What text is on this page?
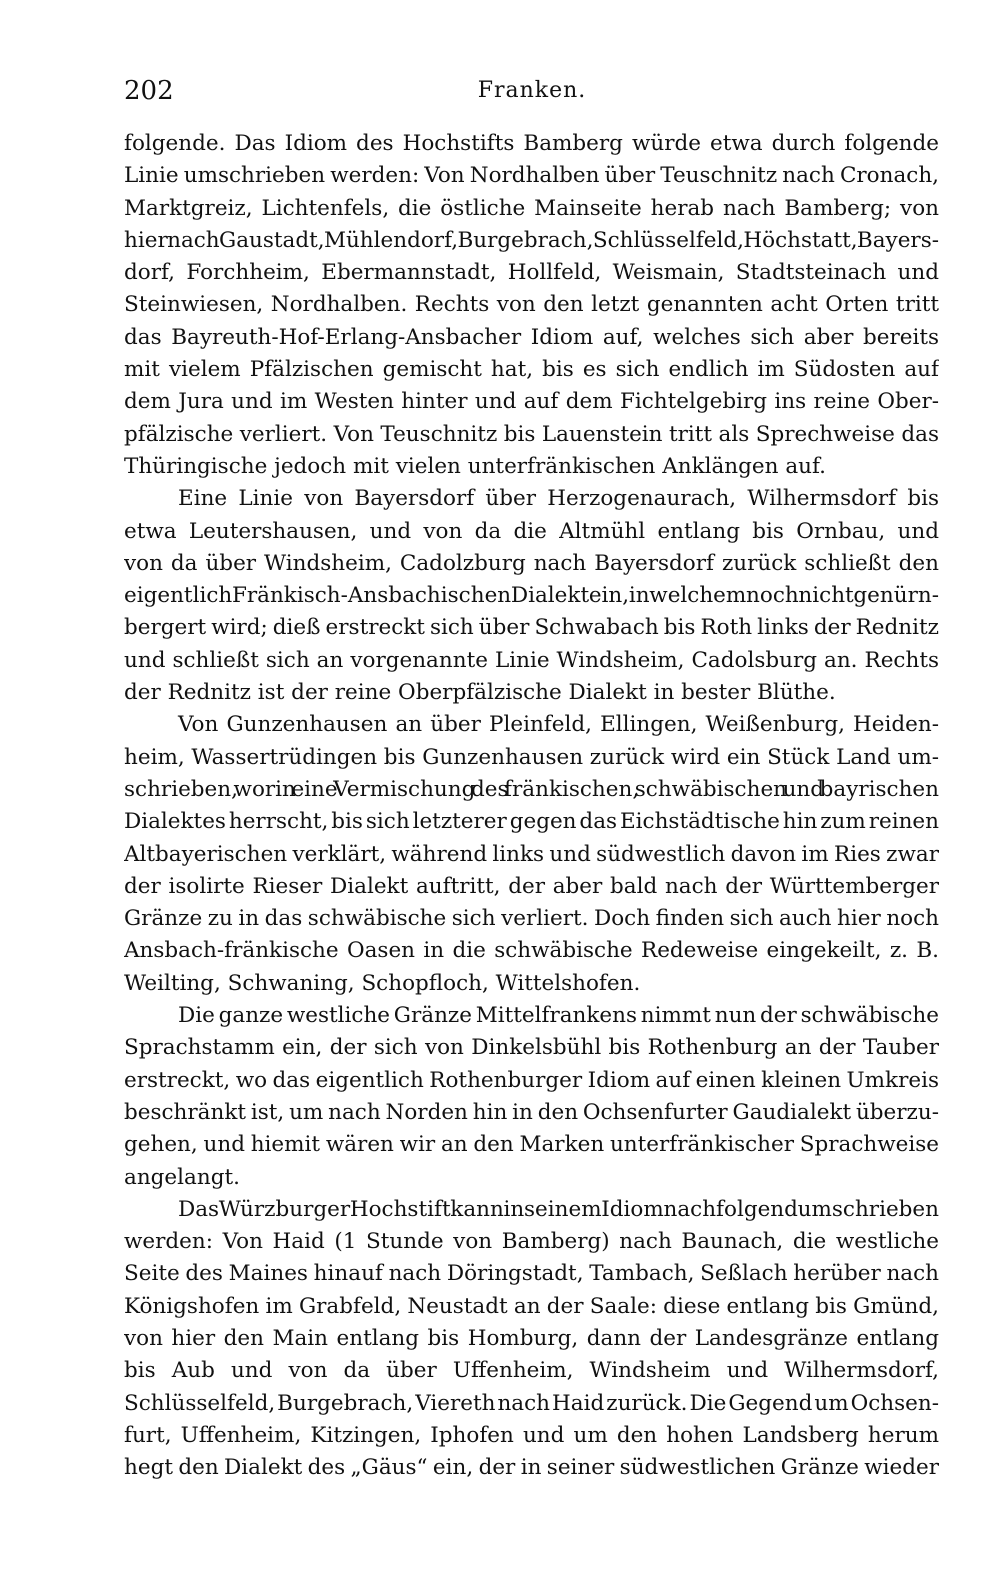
202	Franken.
folgende. Das Idiom des Hochstifts Bamberg würde etwa durch folgende
Linie umschrieben werden: Von Nordhalben über Teuschnitz nach Cronach,
Marktgreiz, Lichtenfels, die östliche Mainseite herab nach Bamberg; von
hier nach Gaustadt, Mühlendorf, Burgebrach, Schlüsselfeld, Höchstatt, Bayers-
dorf, Forchheim, Ebermannstadt, Hollfeld, Weismain, Stadtsteinach und
Steinwiesen, Nordhalben. Rechts von den letzt genannten acht Orten tritt
das Bayreuth-Hof-Erlang-Ansbacher Idiom auf, welches sich aber bereits
mit vielem Pfälzischen gemischt hat, bis es sich endlich im Südosten auf
dem Jura und im Westen hinter und auf dem Fichtelgebirg ins reine Ober-
pfälzische verliert. Von Teuschnitz bis Lauenstein tritt als Sprechweise das
Thüringische jedoch mit vielen unterfränkischen Anklängen auf.
Eine Linie von Bayersdorf über Herzogenaurach, Wilhermsdorf bis
etwa Leutershausen, und von da die Altmühl entlang bis Ornbau, und
von da über Windsheim, Cadolzburg nach Bayersdorf zurück schließt den
eigentlich Fränkisch-Ansbachischen Dialekt ein, in welchem noch nicht genürn-
bergert wird; dieß erstreckt sich über Schwabach bis Roth links der Rednitz
und schließt sich an vorgenannte Linie Windsheim, Cadolsburg an. Rechts
der Rednitz ist der reine Oberpfälzische Dialekt in bester Blüthe.
Von Gunzenhausen an über Pleinfeld, Ellingen, Weißenburg, Heiden-
heim, Wassertrüdingen bis Gunzenhausen zurück wird ein Stück Land um-
schrieben, worin eine Vermischung des fränkischen, schwäbischen und bayrischen
Dialektes herrscht, bis sich letzterer gegen das Eichstädtische hin zum reinen
Altbayerischen verklärt, während links und südwestlich davon im Ries zwar
der isolirte Rieser Dialekt auftritt, der aber bald nach der Württemberger
Gränze zu in das schwäbische sich verliert. Doch finden sich auch hier noch
Ansbach-fränkische Oasen in die schwäbische Redeweise eingekeilt, z. B.
Weilting, Schwaning, Schopfloch, Wittelshofen.
Die ganze westliche Gränze Mittelfrankens nimmt nun der schwäbische
Sprachstamm ein, der sich von Dinkelsbühl bis Rothenburg an der Tauber
erstreckt, wo das eigentlich Rothenburger Idiom auf einen kleinen Umkreis
beschränkt ist, um nach Norden hin in den Ochsenfurter Gaudialekt überzu-
gehen, und hiemit wären wir an den Marken unterfränkischer Sprachweise
angelangt.
Das Würzburger Hochstift kann in seinem Idiom nachfolgend umschrieben
werden: Von Haid (1 Stunde von Bamberg) nach Baunach, die westliche
Seite des Maines hinauf nach Döringstadt, Tambach, Seßlach herüber nach
Königshofen im Grabfeld, Neustadt an der Saale: diese entlang bis Gmünd,
von hier den Main entlang bis Homburg, dann der Landesgränze entlang
bis Aub und von da über Uffenheim, Windsheim und Wilhermsdorf,
Schlüsselfeld, Burgebrach, Viereth nach Haid zurück. Die Gegend um Ochsen-
furt, Uffenheim, Kitzingen, Iphofen und um den hohen Landsberg herum
hegt den Dialekt des „Gäus“ ein, der in seiner südwestlichen Gränze wieder
